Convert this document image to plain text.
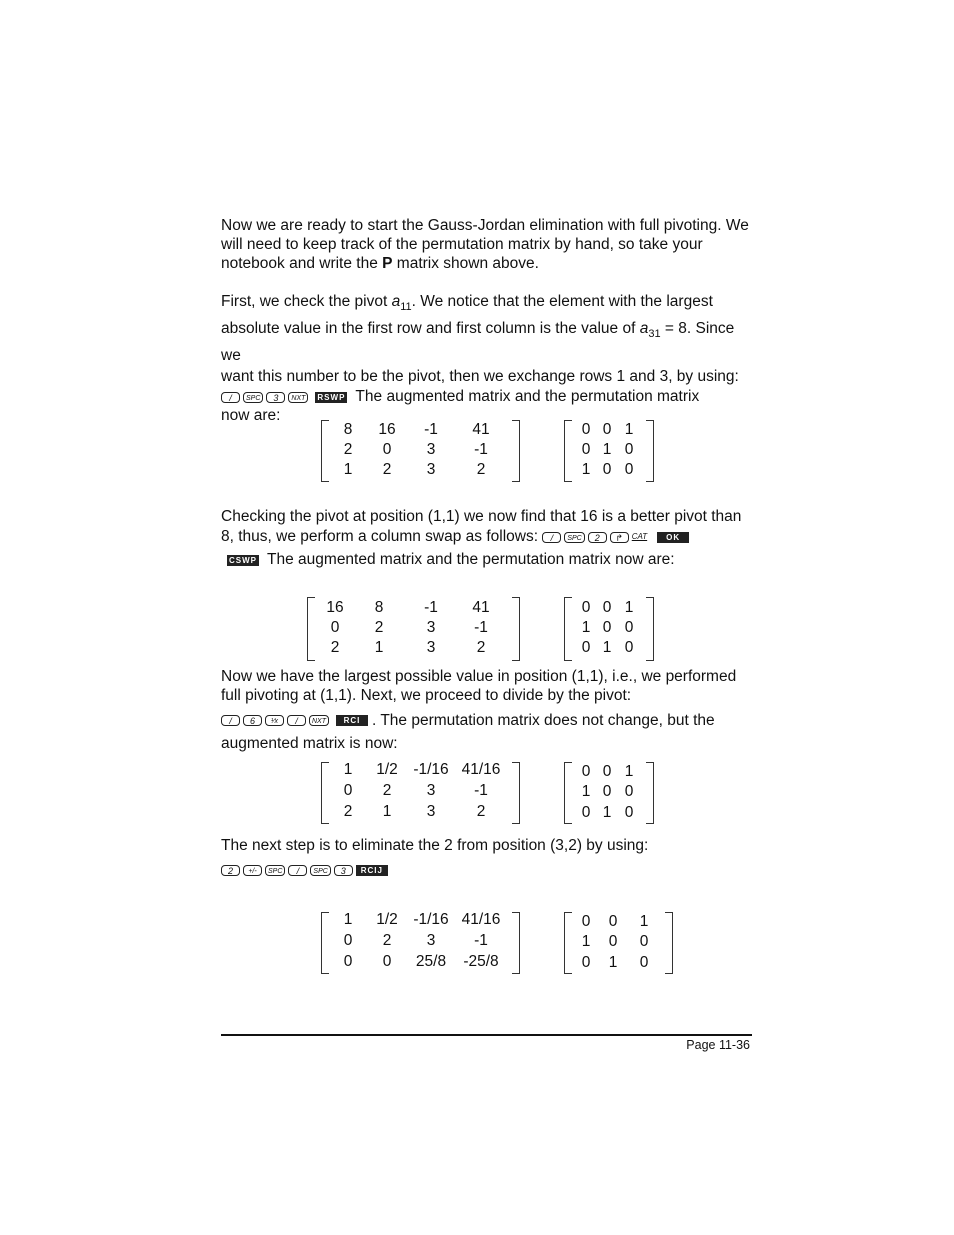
Now we are ready to start the Gauss-Jordan elimination with full pivoting. We

will need to keep track of the permutation matrix by hand, so take your

notebook and write the P matrix shown above.

First, we check the pivot $a_{11}$. We notice that the element with the largest

absolute value in the first row and first column is the value of $a_{31} = 8$. Since we

want this number to be the pivot, then we exchange rows 1 and 3, by using:

/ SPC 3 NXT RSWP The augmented matrix and the permutation matrix

now are:

8	16	-1	41
2	0	3	-1
1	2	3	2
0 0 1
0 1 0
1 0 0

Checking the pivot at position (1,1) we now find that 16 is a better pivot than

8, thus, we perform a column swap as follows: / SPC 2 ↱ CAT OK

CSWP The augmented matrix and the permutation matrix now are:

16	8	-1	41
0	2	3	-1
2	1	3	2
0 0 1
1 0 0
0 1 0

Now we have the largest possible value in position (1,1), i.e., we performed

full pivoting at (1,1). Next, we proceed to divide by the pivot:

/ 6 ¹⁄x / NXT RCI . The permutation matrix does not change, but the

augmented matrix is now:

1	1/2	-1/16 41/16
0	2	3	-1
2	1	3	2
0 0 1
1 0 0
0 1 0

The next step is to eliminate the 2 from position (3,2) by using:

2 +/- SPC / SPC 3 RCIJ

1	1/2	-1/16 41/16
0	2	3	-1
0	0	25/8	-25/8
0	0	1
1	0	0
0	1	0
Page 11-36
